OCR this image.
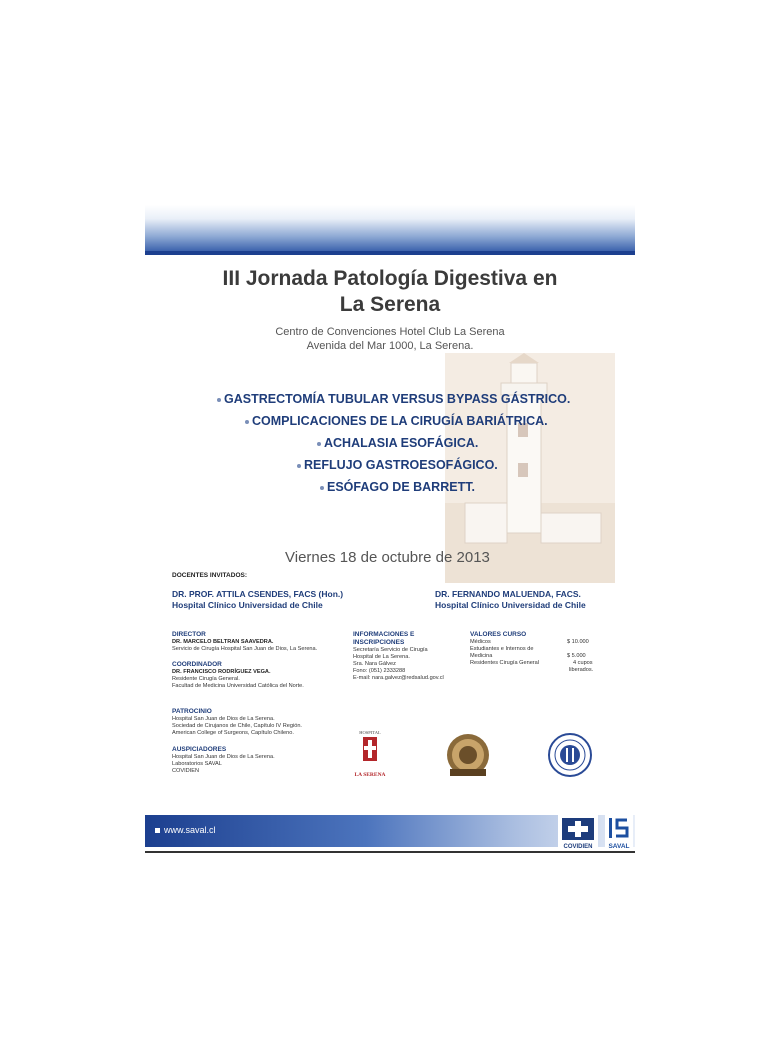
III Jornada Patología Digestiva en
La Serena
Centro de Convenciones Hotel Club La Serena
Avenida del Mar 1000, La Serena.
GASTRECTOMÍA TUBULAR VERSUS BYPASS GÁSTRICO.
COMPLICACIONES DE LA CIRUGÍA BARIÁTRICA.
ACHALASIA ESOFÁGICA.
REFLUJO GASTROESOFÁGICO.
ESÓFAGO DE BARRETT.
Viernes 18 de octubre de 2013
DOCENTES INVITADOS:
DR. PROF. ATTILA CSENDES, FACS (Hon.)
Hospital Clínico Universidad de Chile
DR. FERNANDO MALUENDA, FACS.
Hospital Clínico Universidad de Chile
DIRECTOR
DR. MARCELO BELTRAN SAAVEDRA.
Servicio de Cirugía Hospital San Juan de Dios, La Serena.
COORDINADOR
DR. FRANCISCO RODRÍGUEZ VEGA.
Residente Cirugía General.
Facultad de Medicina Universidad Católica del Norte.
INFORMACIONES E
INSCRIPCIONES
Secretaría Servicio de Cirugía
Hospital de La Serena.
Sra. Nara Gálvez
Fono: (051) 2333288
E-mail: nara.galvez@redsalud.gov.cl
VALORES CURSO
Médicos	$ 10.000
Estudiantes e Internos de
Medicina	$ 5.000
Residentes Cirugía General	4 cupos
liberados.
PATROCINIO
Hospital San Juan de Dios de La Serena.
Sociedad de Cirujanos de Chile, Capítulo IV Región.
American College of Surgeons, Capítulo Chileno.
AUSPICIADORES
Hospital San Juan de Dios de La Serena.
Laboratorios SAVAL
COVIDIEN
HOSPITAL
LA SERENA
www.saval.cl
COVIDIEN SAVAL
